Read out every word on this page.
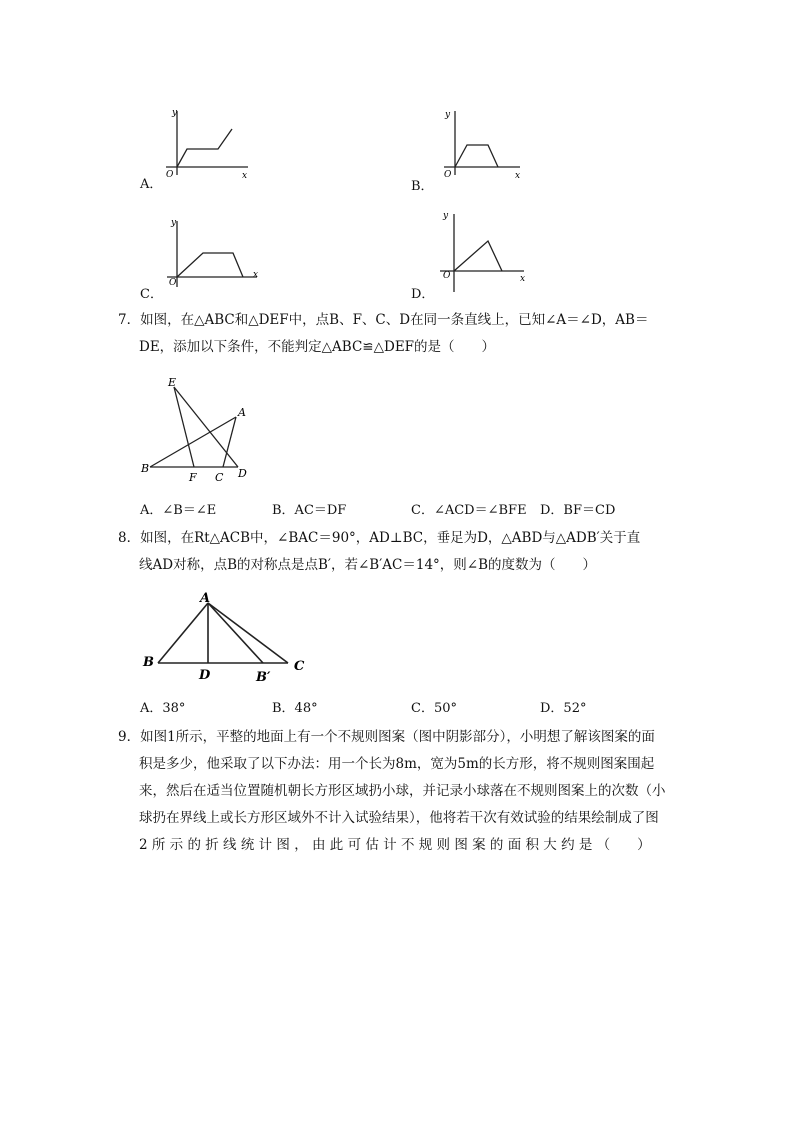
y
x
O
A．
y
x
O
B．
y
x
O
C．
y
x
O
D．
7．如图，在△ABC和△DEF中，点B、F、C、D在同一条直线上，已知∠A＝∠D，AB＝
DE，添加以下条件，不能判定△ABC≌△DEF的是（　　）
E
A
B
F C D
A．∠B＝∠E	B．AC＝DF	C．∠ACD＝∠BFE D．BF＝CD
8．如图，在Rt△ACB中，∠BAC＝90°，AD⊥BC，垂足为D，△ABD与△ADB′关于直
线AD对称，点B的对称点是点B′，若∠B′AC＝14°，则∠B的度数为（　　）
A
B	C
D	B′
A．38°	B．48°	C．50°	D．52°
9．如图1所示，平整的地面上有一个不规则图案（图中阴影部分），小明想了解该图案的面
积是多少，他采取了以下办法：用一个长为8m，宽为5m的长方形，将不规则图案围起
来，然后在适当位置随机朝长方形区域扔小球，并记录小球落在不规则图案上的次数（小
球扔在界线上或长方形区域外不计入试验结果），他将若干次有效试验的结果绘制成了图
2 所 示 的 折 线 统 计 图 ， 由 此 可 估 计 不 规 则 图 案 的 面 积 大 约 是 （　　）
